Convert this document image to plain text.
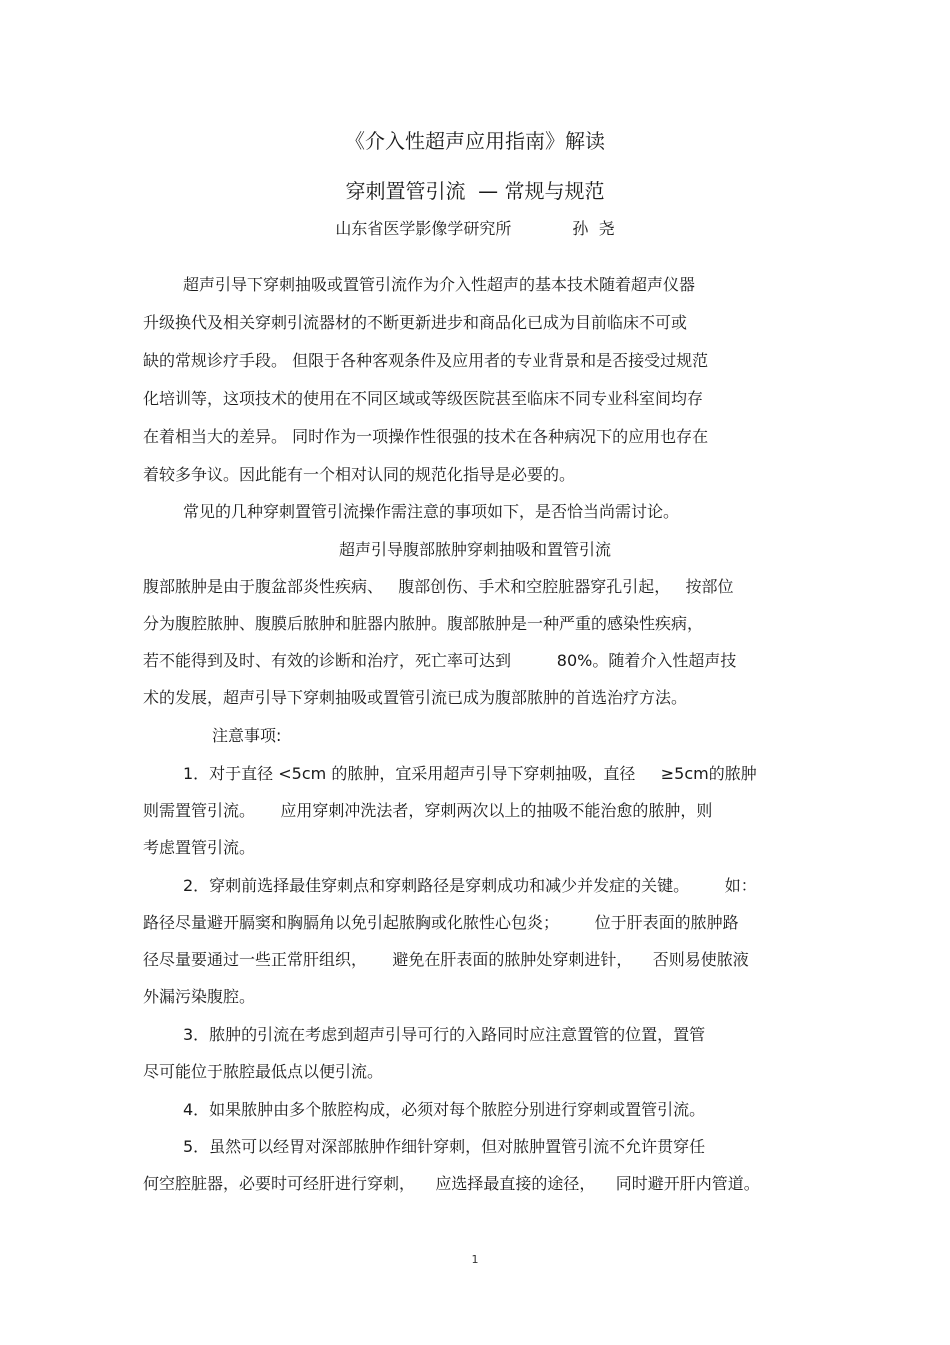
《介入性超声应用指南》解读
穿刺置管引流  — 常规与规范
山东省医学影像学研究所            孙  尧
超声引导下穿刺抽吸或置管引流作为介入性超声的基本技术随着超声仪器
升级换代及相关穿刺引流器材的不断更新进步和商品化已成为目前临床不可或
缺的常规诊疗手段。 但限于各种客观条件及应用者的专业背景和是否接受过规范
化培训等，这项技术的使用在不同区域或等级医院甚至临床不同专业科室间均存
在着相当大的差异。 同时作为一项操作性很强的技术在各种病况下的应用也存在
着较多争议。因此能有一个相对认同的规范化指导是必要的。
常见的几种穿刺置管引流操作需注意的事项如下，是否恰当尚需讨论。
超声引导腹部脓肿穿刺抽吸和置管引流
腹部脓肿是由于腹盆部炎性疾病、   腹部创伤、手术和空腔脏器穿孔引起，   按部位
分为腹腔脓肿、腹膜后脓肿和脏器内脓肿。腹部脓肿是一种严重的感染性疾病，
若不能得到及时、有效的诊断和治疗，死亡率可达到         80%。随着介入性超声技
术的发展，超声引导下穿刺抽吸或置管引流已成为腹部脓肿的首选治疗方法。
注意事项:
1．对于直径 <5cm 的脓肿，宜采用超声引导下穿刺抽吸，直径     ≥5cm的脓肿
则需置管引流。     应用穿刺冲洗法者，穿刺两次以上的抽吸不能治愈的脓肿，则
考虑置管引流。
2．穿刺前选择最佳穿刺点和穿刺路径是穿刺成功和减少并发症的关键。       如：
路径尽量避开膈窦和胸膈角以免引起脓胸或化脓性心包炎；       位于肝表面的脓肿路
径尽量要通过一些正常肝组织，     避免在肝表面的脓肿处穿刺进针，    否则易使脓液
外漏污染腹腔。
3．脓肿的引流在考虑到超声引导可行的入路同时应注意置管的位置，置管
尽可能位于脓腔最低点以便引流。
4．如果脓肿由多个脓腔构成，必须对每个脓腔分别进行穿刺或置管引流。
5．虽然可以经胃对深部脓肿作细针穿刺，但对脓肿置管引流不允许贯穿任
何空腔脏器，必要时可经肝进行穿刺，    应选择最直接的途径，    同时避开肝内管道。
1
